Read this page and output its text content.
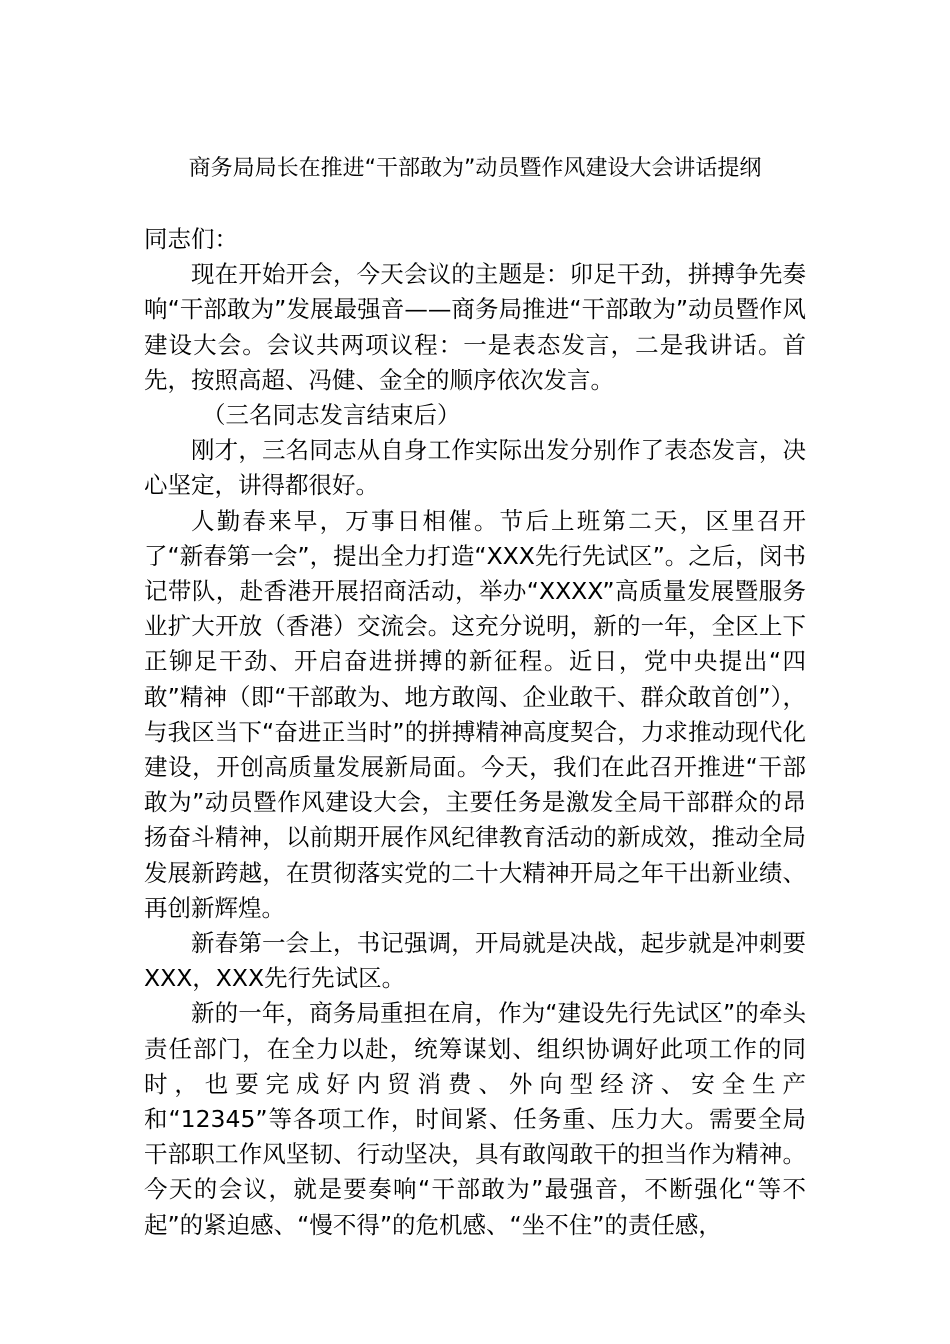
商务局局长在推进“干部敢为”动员暨作风建设大会讲话提纲

同志们：

现在开始开会，今天会议的主题是：卯足干劲，拼搏争先奏响“干部敢为”发展最强音——商务局推进“干部敢为”动员暨作风建设大会。会议共两项议程：一是表态发言，二是我讲话。首先，按照高超、冯健、金全的顺序依次发言。

（三名同志发言结束后）

刚才，三名同志从自身工作实际出发分别作了表态发言，决心坚定，讲得都很好。

人勤春来早，万事日相催。节后上班第二天，区里召开了“新春第一会”，提出全力打造“XXX先行先试区”。之后，闵书记带队，赴香港开展招商活动，举办“XXXX”高质量发展暨服务业扩大开放（香港）交流会。这充分说明，新的一年，全区上下正铆足干劲、开启奋进拼搏的新征程。近日，党中央提出“四敢”精神（即“干部敢为、地方敢闯、企业敢干、群众敢首创”），与我区当下“奋进正当时”的拼搏精神高度契合，力求推动现代化建设，开创高质量发展新局面。今天，我们在此召开推进“干部敢为”动员暨作风建设大会，主要任务是激发全局干部群众的昂扬奋斗精神，以前期开展作风纪律教育活动的新成效，推动全局发展新跨越，在贯彻落实党的二十大精神开局之年干出新业绩、再创新辉煌。

新春第一会上，书记强调，开局就是决战，起步就是冲刺要XXX，XXX先行先试区。

新的一年，商务局重担在肩，作为“建设先行先试区”的牵头责任部门，在全力以赴，统筹谋划、组织协调好此项工作的同时，也要完成好内贸消费、外向型经济、安全生产和“12345”等各项工作，时间紧、任务重、压力大。需要全局干部职工作风坚韧、行动坚决，具有敢闯敢干的担当作为精神。今天的会议，就是要奏响“干部敢为”最强音，不断强化“等不起”的紧迫感、“慢不得”的危机感、“坐不住”的责任感，
